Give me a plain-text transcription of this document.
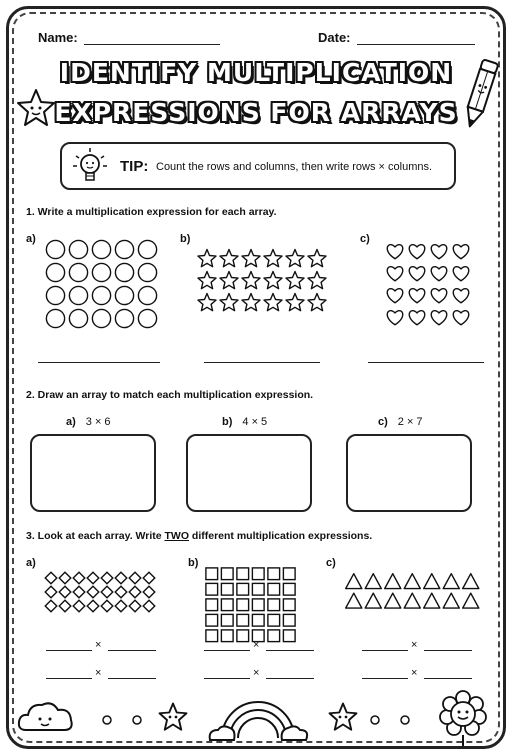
Name:	Date:
IDENTIFY MULTIPLICATION
EXPRESSIONS FOR ARRAYS
TIP: Count the rows and columns, then write rows × columns.
1. Write a multiplication expression for each array.
a)	b)	c)
2. Draw an array to match each multiplication expression.
a) 3 × 6	b) 4 × 5	c) 2 × 7
3. Look at each array. Write TWO different multiplication expressions.
a)	b)	c)
×
×
×
×
×
×
